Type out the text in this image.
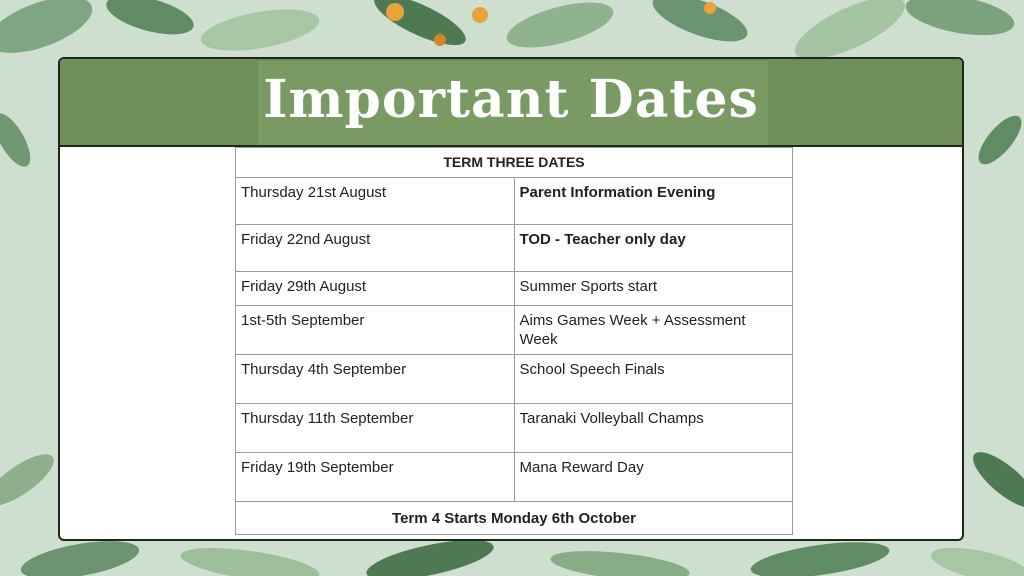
Important Dates
TERM THREE DATES	
Thursday 21st August	Parent Information Evening
Friday 22nd August	TOD - Teacher only day
Friday 29th August	Summer Sports start
1st-5th September	Aims Games Week + Assessment Week
Thursday 4th September	School Speech Finals
Thursday 11th September	Taranaki Volleyball Champs
Friday 19th September	Mana Reward Day
Term 4 Starts Monday 6th October	
